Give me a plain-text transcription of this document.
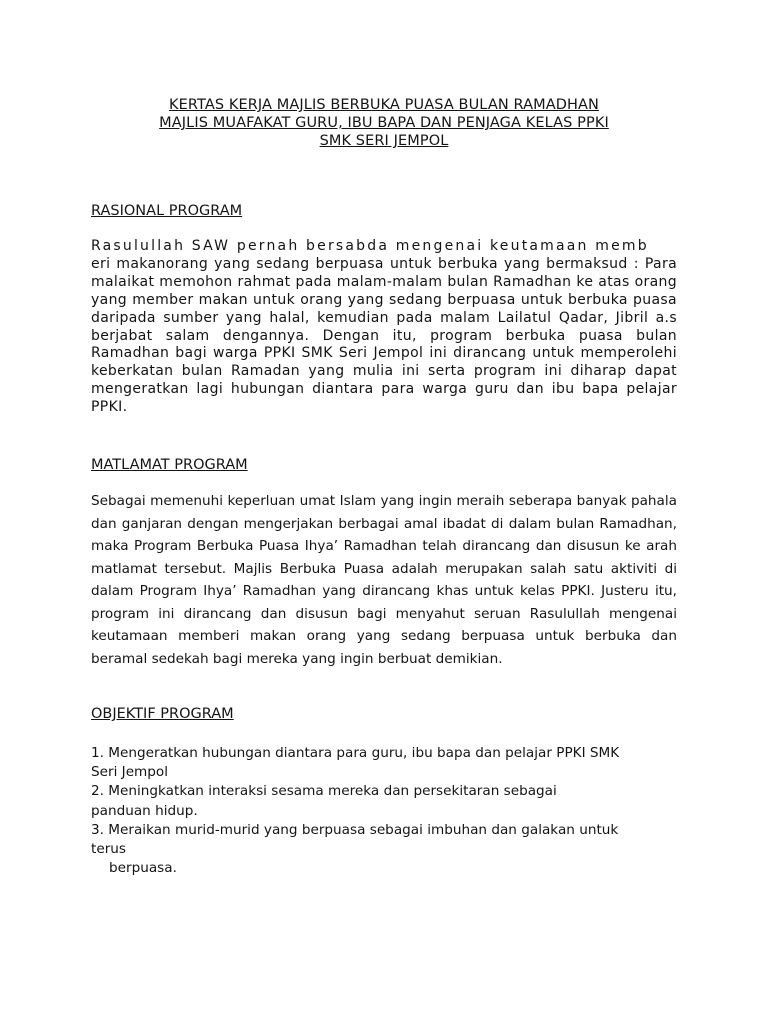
KERTAS KERJA MAJLIS BERBUKA PUASA BULAN RAMADHAN
MAJLIS MUAFAKAT GURU, IBU BAPA DAN PENJAGA KELAS PPKI
SMK SERI JEMPOL
RASIONAL PROGRAM
Rasulullah SAW pernah bersabda mengenai keutamaan memb
eri makanorang yang sedang berpuasa untuk berbuka yang bermaksud : Para malaikat memohon rahmat pada malam-malam bulan Ramadhan ke atas orang yang member makan untuk orang yang sedang berpuasa untuk berbuka puasa daripada sumber yang halal, kemudian pada malam Lailatul Qadar, Jibril a.s berjabat salam dengannya. Dengan itu, program berbuka puasa bulan Ramadhan bagi warga PPKI SMK Seri Jempol ini dirancang untuk memperolehi keberkatan bulan Ramadan yang mulia ini serta program ini diharap dapat mengeratkan lagi hubungan diantara para warga guru dan ibu bapa pelajar PPKI.
MATLAMAT PROGRAM
Sebagai memenuhi keperluan umat Islam yang ingin meraih seberapa banyak pahala dan ganjaran dengan mengerjakan berbagai amal ibadat di dalam bulan Ramadhan, maka Program Berbuka Puasa Ihya’ Ramadhan telah dirancang dan disusun ke arah matlamat tersebut. Majlis Berbuka Puasa adalah merupakan salah satu aktiviti di dalam Program Ihya’ Ramadhan yang dirancang khas untuk kelas PPKI. Justeru itu, program ini dirancang dan disusun bagi menyahut seruan Rasulullah mengenai keutamaan memberi makan orang yang sedang berpuasa untuk berbuka dan beramal sedekah bagi mereka yang ingin berbuat demikian.
OBJEKTIF PROGRAM
1. Mengeratkan hubungan diantara para guru, ibu bapa dan pelajar PPKI SMK
Seri Jempol
2. Meningkatkan interaksi sesama mereka dan persekitaran sebagai
panduan hidup.
3. Meraikan murid-murid yang berpuasa sebagai imbuhan dan galakan untuk
terus
berpuasa.
